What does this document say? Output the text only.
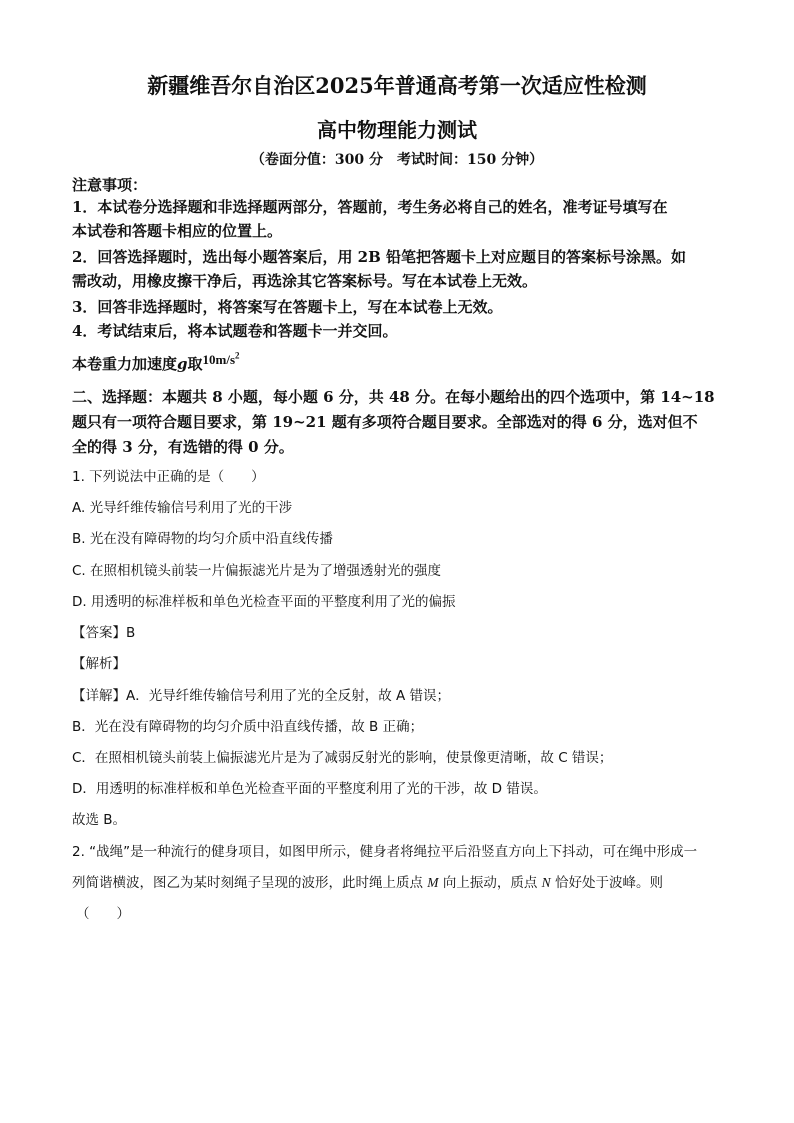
新疆维吾尔自治区2025年普通高考第一次适应性检测
高中物理能力测试
（卷面分值：300 分　考试时间：150 分钟）
注意事项：
1．本试卷分选择题和非选择题两部分，答题前，考生务必将自己的姓名，准考证号填写在
本试卷和答题卡相应的位置上。
2．回答选择题时，选出每小题答案后，用 2B 铅笔把答题卡上对应题目的答案标号涂黑。如
需改动，用橡皮擦干净后，再选涂其它答案标号。写在本试卷上无效。
3．回答非选择题时，将答案写在答题卡上，写在本试卷上无效。
4．考试结束后，将本试题卷和答题卡一并交回。
本卷重力加速度g取$10m/s^2$
二、选择题：本题共 8 小题，每小题 6 分，共 48 分。在每小题给出的四个选项中，第 14~18
题只有一项符合题目要求，第 19~21 题有多项符合题目要求。全部选对的得 6 分，选对但不
全的得 3 分，有选错的得 0 分。
1. 下列说法中正确的是（　　）
A. 光导纤维传输信号利用了光的干涉
B. 光在没有障碍物的均匀介质中沿直线传播
C. 在照相机镜头前装一片偏振滤光片是为了增强透射光的强度
D. 用透明的标准样板和单色光检查平面的平整度利用了光的偏振
【答案】B
【解析】
【详解】A．光导纤维传输信号利用了光的全反射，故 A 错误；
B．光在没有障碍物的均匀介质中沿直线传播，故 B 正确；
C．在照相机镜头前装上偏振滤光片是为了减弱反射光的影响，使景像更清晰，故 C 错误；
D．用透明的标准样板和单色光检查平面的平整度利用了光的干涉，故 D 错误。
故选 B。
2. “战绳”是一种流行的健身项目，如图甲所示，健身者将绳拉平后沿竖直方向上下抖动，可在绳中形成一
列简谐横波，图乙为某时刻绳子呈现的波形，此时绳上质点 M 向上振动，质点 N 恰好处于波峰。则
（　　）
